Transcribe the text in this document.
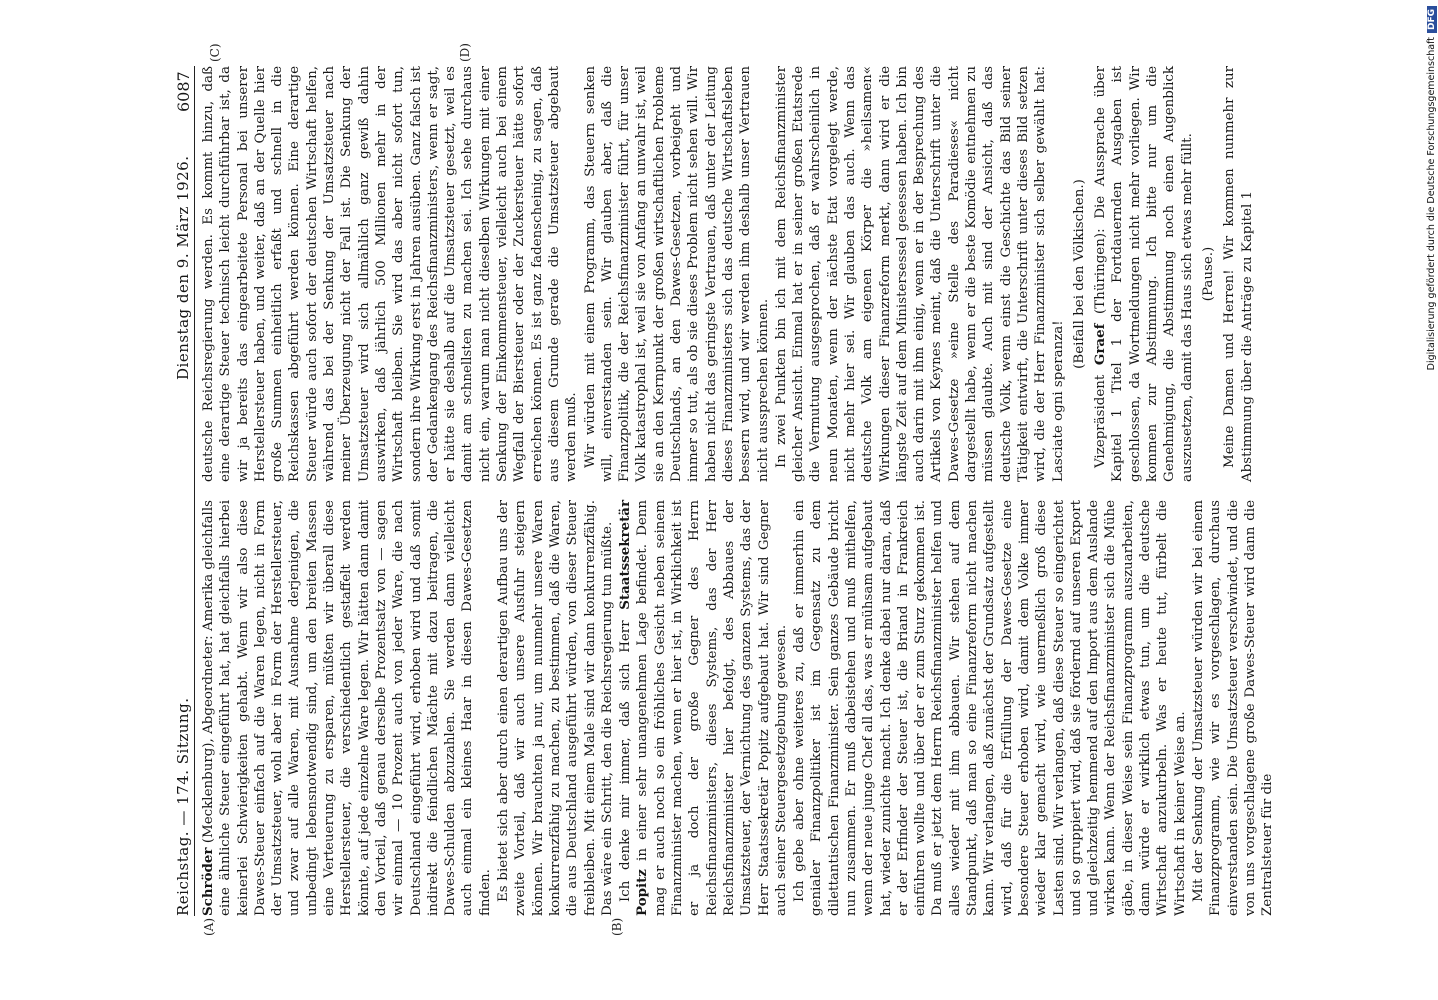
Reichstag. — 174. Sitzung.
Dienstag den 9. März 1926.
6087
(A)	(B)
(C)	(D)

Schröder (Mecklenburg), Abgeordneter: Amerika gleichfalls eine ähnliche Steuer eingeführt hat, hat gleichfalls hierbei keinerlei Schwierigkeiten gehabt. Wenn wir also diese Dawes-Steuer einfach auf die Waren legen, nicht in Form der Umsatzsteuer, wohl aber in Form der Herstellersteuer, und zwar auf alle Waren, mit Ausnahme derjenigen, die unbedingt lebensnotwendig sind, um den breiten Massen eine Verteuerung zu ersparen, müßten wir überall diese Herstellersteuer, die verschiedentlich gestaffelt werden könnte, auf jede einzelne Ware legen. Wir hätten dann damit den Vorteil, daß genau derselbe Prozentsatz von — sagen wir einmal — 10 Prozent auch von jeder Ware, die nach Deutschland eingeführt wird, erhoben wird und daß somit indirekt die feindlichen Mächte mit dazu beitragen, die Dawes-Schulden abzuzahlen. Sie werden dann vielleicht auch einmal ein kleines Haar in diesen Dawes-Gesetzen finden. Es bietet sich aber durch einen derartigen Aufbau uns der zweite Vorteil, daß wir auch unsere Ausfuhr steigern können. Wir brauchten ja nur, um nunmehr unsere Waren konkurrenzfähig zu machen, zu bestimmen, daß die Waren, die aus Deutschland ausgeführt würden, von dieser Steuer freibleiben. Mit einem Male sind wir dann konkurrenzfähig. Das wäre ein Schritt, den die Reichsregierung tun müßte. Ich denke mir immer, daß sich Herr Staatssekretär Popitz in einer sehr unangenehmen Lage befindet. Denn mag er auch noch so ein fröhliches Gesicht neben seinem Finanzminister machen, wenn er hier ist, in Wirklichkeit ist er ja doch der große Gegner des Herrn Reichsfinanzministers, dieses Systems, das der Herr Reichsfinanzminister hier befolgt, des Abbaues der Umsatzsteuer, der Vernichtung des ganzen Systems, das der Herr Staatssekretär Popitz aufgebaut hat. Wir sind Gegner auch seiner Steuergesetzgebung gewesen. Ich gebe aber ohne weiteres zu, daß er immerhin ein genialer Finanzpolitiker ist im Gegensatz zu dem dilettantischen Finanzminister. Sein ganzes Gebäude bricht nun zusammen. Er muß dabeistehen und muß mithelfen, wenn der neue junge Chef all das, was er mühsam aufgebaut hat, wieder zunichte macht. Ich denke dabei nur daran, daß er der Erfinder der Steuer ist, die Briand in Frankreich einführen wollte und über der er zum Sturz gekommen ist. Da muß er jetzt dem Herrn Reichsfinanzminister helfen und alles wieder mit ihm abbauen. Wir stehen auf dem Standpunkt, daß man so eine Finanzreform nicht machen kann. Wir verlangen, daß zunächst der Grundsatz aufgestellt wird, daß für die Erfüllung der Dawes-Gesetze eine besondere Steuer erhoben wird, damit dem Volke immer wieder klar gemacht wird, wie unermeßlich groß diese Lasten sind. Wir verlangen, daß diese Steuer so eingerichtet und so gruppiert wird, daß sie fördernd auf unseren Export und gleichzeitig hemmend auf den Import aus dem Auslande wirken kann. Wenn der Reichsfinanzminister sich die Mühe gäbe, in dieser Weise sein Finanzprogramm auszuarbeiten, dann würde er wirklich etwas tun, um die deutsche Wirtschaft anzukurbeln. Was er heute tut, fürbelt die Wirtschaft in keiner Weise an. Mit der Senkung der Umsatzsteuer würden wir bei einem Finanzprogramm, wie wir es vorgeschlagen, durchaus einverstanden sein. Die Umsatzsteuer verschwindet, und die von uns vorgeschlagene große Dawes-Steuer wird dann die Zentralsteuer für die

deutsche Reichsregierung werden. Es kommt hinzu, daß eine derartige Steuer technisch leicht durchführbar ist, da wir ja bereits das eingearbeitete Personal bei unserer Herstellersteuer haben, und weiter, daß an der Quelle hier große Summen einheitlich erfaßt und schnell in die Reichskassen abgeführt werden können. Eine derartige Steuer würde auch sofort der deutschen Wirtschaft helfen, während das bei der Senkung der Umsatzsteuer nach meiner Überzeugung nicht der Fall ist. Die Senkung der Umsatzsteuer wird sich allmählich ganz gewiß dahin auswirken, daß jährlich 500 Millionen mehr in der Wirtschaft bleiben. Sie wird das aber nicht sofort tun, sondern ihre Wirkung erst in Jahren ausüben. Ganz falsch ist der Gedankengang des Reichsfinanzministers, wenn er sagt, er hätte sie deshalb auf die Umsatzsteuer gesetzt, weil es damit am schnellsten zu machen sei. Ich sehe durchaus nicht ein, warum man nicht dieselben Wirkungen mit einer Senkung der Einkommensteuer, vielleicht auch bei einem Wegfall der Biersteuer oder der Zuckersteuer hätte sofort erreichen können. Es ist ganz fadenscheinig, zu sagen, daß aus diesem Grunde gerade die Umsatzsteuer abgebaut werden muß. Wir würden mit einem Programm, das Steuern senken will, einverstanden sein. Wir glauben aber, daß die Finanzpolitik, die der Reichsfinanzminister führt, für unser Volk katastrophal ist, weil sie von Anfang an unwahr ist, weil sie an den Kernpunkt der großen wirtschaftlichen Probleme Deutschlands, an den Dawes-Gesetzen, vorbeigeht und immer so tut, als ob sie dieses Problem nicht sehen will. Wir haben nicht das geringste Vertrauen, daß unter der Leitung dieses Finanzministers sich das deutsche Wirtschaftsleben bessern wird, und wir werden ihm deshalb unser Vertrauen nicht aussprechen können. In zwei Punkten bin ich mit dem Reichsfinanzminister gleicher Ansicht. Einmal hat er in seiner großen Etatsrede die Vermutung ausgesprochen, daß er wahrscheinlich in neun Monaten, wenn der nächste Etat vorgelegt werde, nicht mehr hier sei. Wir glauben das auch. Wenn das deutsche Volk am eigenen Körper die »heilsamen« Wirkungen dieser Finanzreform merkt, dann wird er die längste Zeit auf dem Ministersessel gesessen haben. Ich bin auch darin mit ihm einig, wenn er in der Besprechung des Artikels von Keynes meint, daß die Unterschrift unter die Dawes-Gesetze »eine Stelle des Paradieses« nicht dargestellt habe, wenn er die beste Komödie entnehmen zu müssen glaubte. Auch mit sind der Ansicht, daß das deutsche Volk, wenn einst die Geschichte das Bild seiner Tätigkeit entwirft, die Unterschrift unter dieses Bild setzen wird, die der Herr Finanzminister sich selber gewählt hat: Lasciate ogni speranza!

(Beifall bei den Völkischen.)

Vizepräsident Graef (Thüringen): Die Aussprache über Kapitel 1 Titel 1 der Fortdauernden Ausgaben ist geschlossen, da Wortmeldungen nicht mehr vorliegen. Wir kommen zur Abstimmung. Ich bitte nur um die Genehmigung, die Abstimmung noch einen Augenblick auszusetzen, damit das Haus sich etwas mehr füllt. (Pause.) Meine Damen und Herren! Wir kommen nunmehr zur Abstimmung über die Anträge zu Kapitel 1	Digitalisierung gefördert durch die Deutsche ForschungsgemeinschaftDFG
